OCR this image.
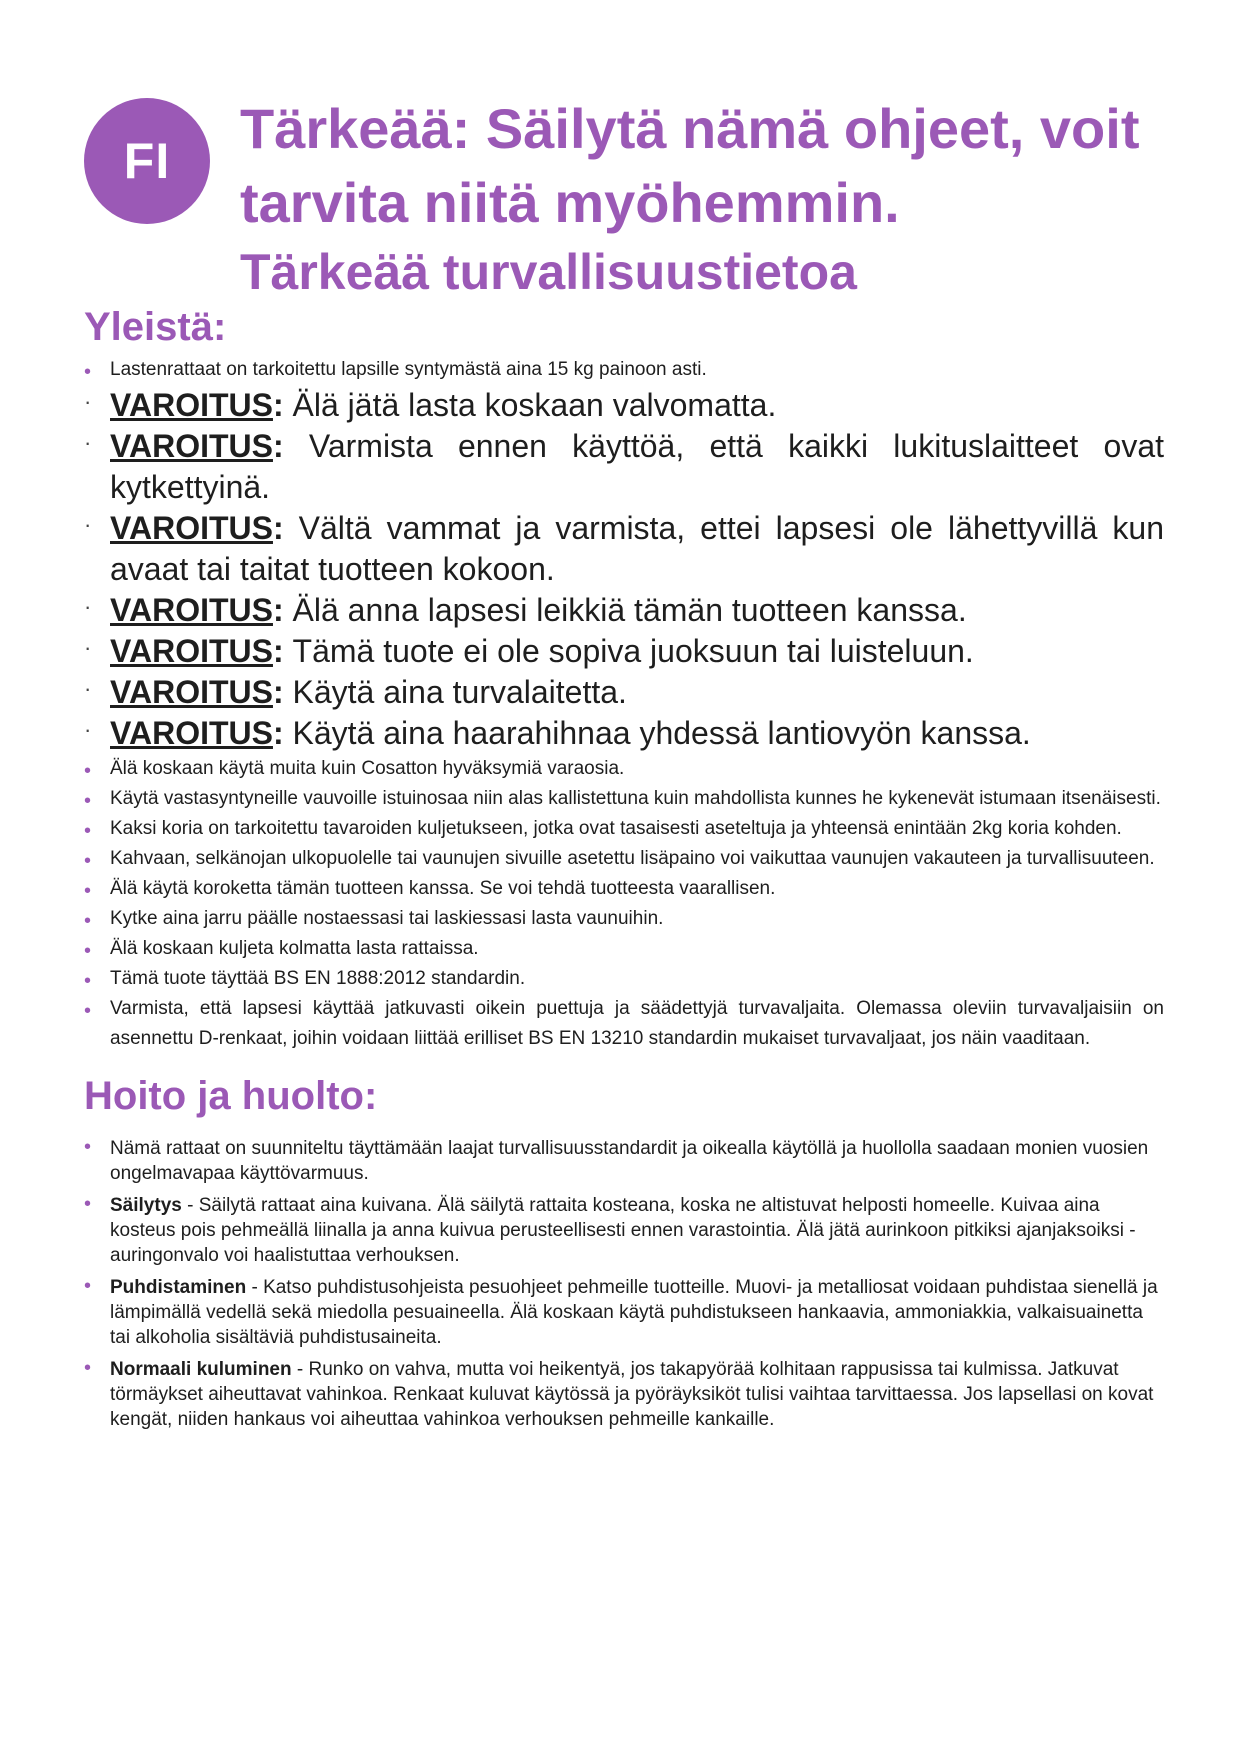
FI
Tärkeää: Säilytä nämä ohjeet, voit
tarvita niitä myöhemmin.
Tärkeää turvallisuustietoa
Yleistä:
• Lastenrattaat on tarkoitettu lapsille syntymästä aina 15 kg painoon asti.
· VAROITUS: Älä jätä lasta koskaan valvomatta.
· VAROITUS: Varmista ennen käyttöä, että kaikki lukituslaitteet ovat kytkettyinä.
· VAROITUS: Vältä vammat ja varmista, ettei lapsesi ole lähettyvillä kun avaat tai taitat tuotteen kokoon.
· VAROITUS: Älä anna lapsesi leikkiä tämän tuotteen kanssa.
· VAROITUS: Tämä tuote ei ole sopiva juoksuun tai luisteluun.
· VAROITUS: Käytä aina turvalaitetta.
· VAROITUS: Käytä aina haarahihnaa yhdessä lantiovyön kanssa.
• Älä koskaan käytä muita kuin Cosatton hyväksymiä varaosia.
• Käytä vastasyntyneille vauvoille istuinosaa niin alas kallistettuna kuin mahdollista kunnes he kykenevät istumaan itsenäisesti.
• Kaksi koria on tarkoitettu tavaroiden kuljetukseen, jotka ovat tasaisesti aseteltuja ja yhteensä enintään 2kg koria kohden.
• Kahvaan, selkänojan ulkopuolelle tai vaunujen sivuille asetettu lisäpaino voi vaikuttaa vaunujen vakauteen ja turvallisuuteen.
• Älä käytä koroketta tämän tuotteen kanssa. Se voi tehdä tuotteesta vaarallisen.
• Kytke aina jarru päälle nostaessasi tai laskiessasi lasta vaunuihin.
• Älä koskaan kuljeta kolmatta lasta rattaissa.
• Tämä tuote täyttää BS EN 1888:2012 standardin.
• Varmista, että lapsesi käyttää jatkuvasti oikein puettuja ja säädettyjä turvavaljaita. Olemassa oleviin turvavaljaisiin on asennettu D-renkaat, joihin voidaan liittää erilliset BS EN 13210 standardin mukaiset turvavaljaat, jos näin vaaditaan.
Hoito ja huolto:
• Nämä rattaat on suunniteltu täyttämään laajat turvallisuusstandardit ja oikealla käytöllä ja huollolla saadaan monien vuosien ongelmavapaa käyttövarmuus.
• Säilytys - Säilytä rattaat aina kuivana. Älä säilytä rattaita kosteana, koska ne altistuvat helposti homeelle. Kuivaa aina kosteus pois pehmeällä liinalla ja anna kuivua perusteellisesti ennen varastointia. Älä jätä aurinkoon pitkiksi ajanjaksoiksi - auringonvalo voi haalistuttaa verhouksen.
• Puhdistaminen - Katso puhdistusohjeista pesuohjeet pehmeille tuotteille. Muovi- ja metalliosat voidaan puhdistaa sienellä ja lämpimällä vedellä sekä miedolla pesuaineella. Älä koskaan käytä puhdistukseen hankaavia, ammoniakkia, valkaisuainetta tai alkoholia sisältäviä puhdistusaineita.
• Normaali kuluminen - Runko on vahva, mutta voi heikentyä, jos takapyörää kolhitaan rappusissa tai kulmissa. Jatkuvat törmäykset aiheuttavat vahinkoa. Renkaat kuluvat käytössä ja pyöräyksiköt tulisi vaihtaa tarvittaessa. Jos lapsellasi on kovat kengät, niiden hankaus voi aiheuttaa vahinkoa verhouksen pehmeille kankaille.
